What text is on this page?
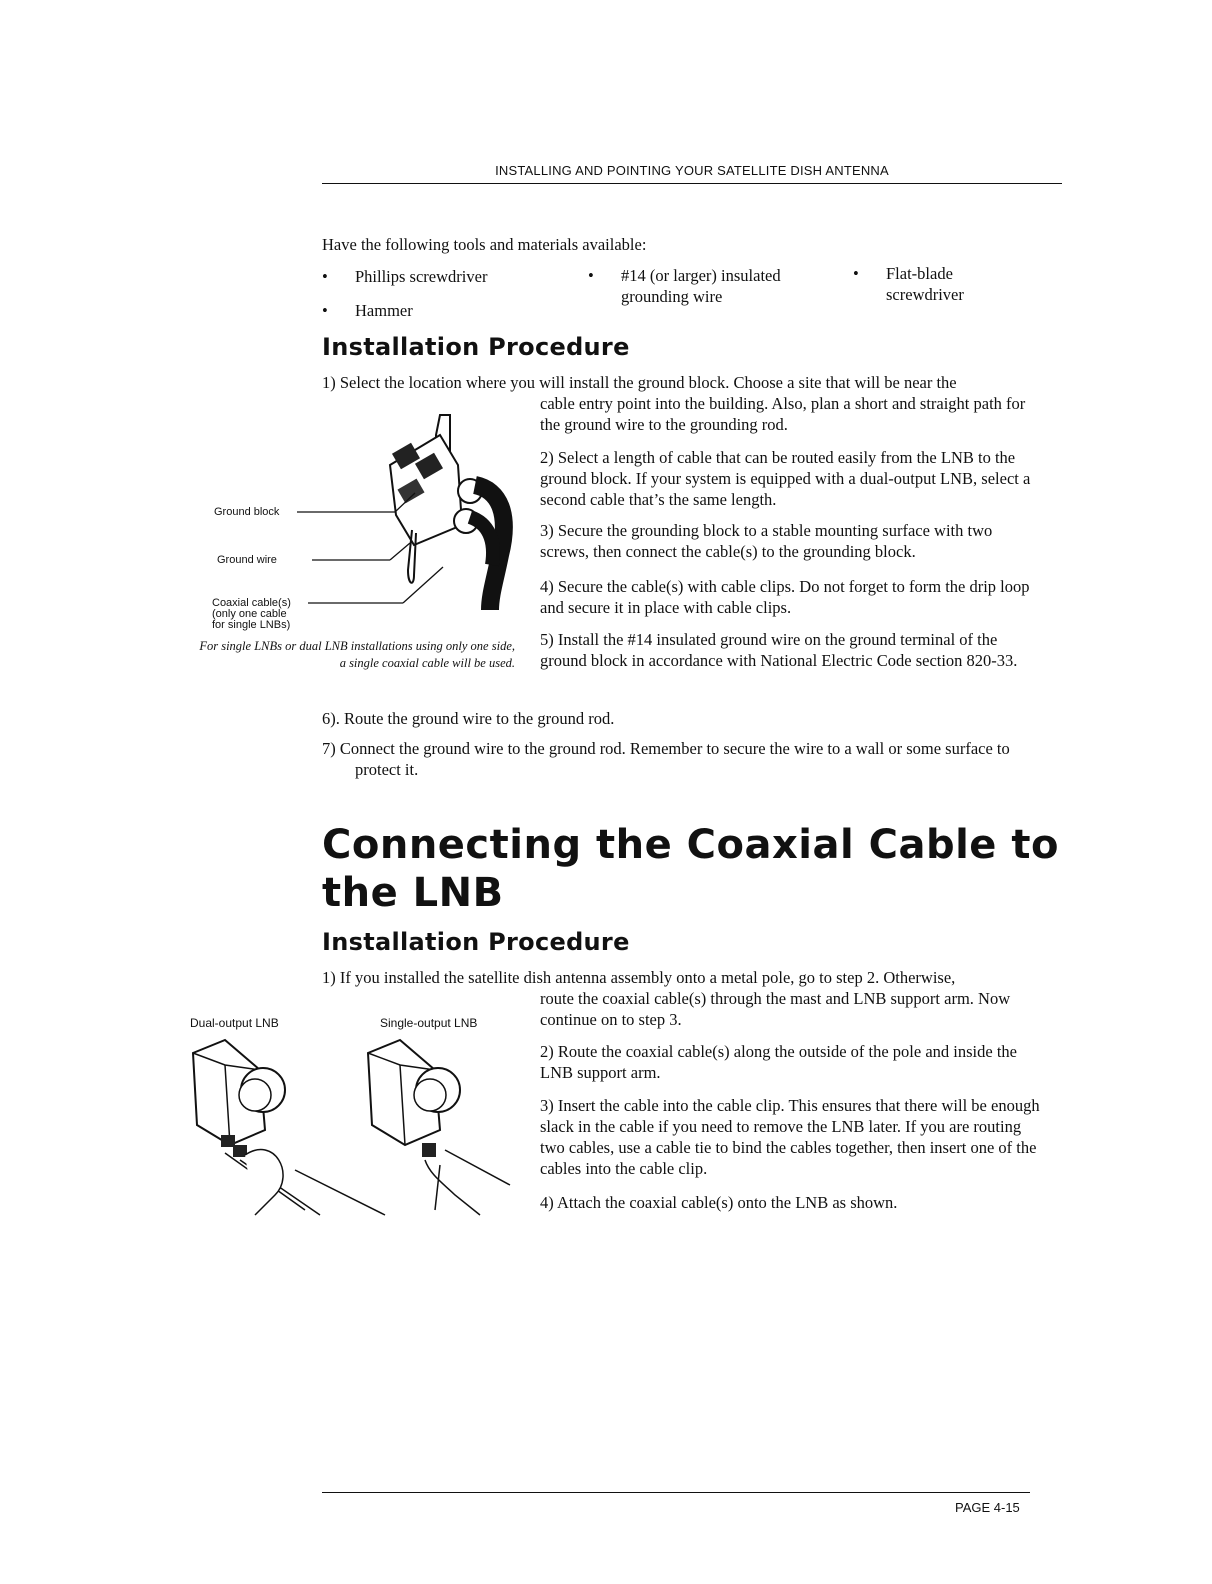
INSTALLING AND POINTING YOUR SATELLITE DISH ANTENNA
Have the following tools and materials available:
• Phillips screwdriver
• Hammer
• #14 (or larger) insulated grounding wire
• Flat-blade screwdriver
Installation Procedure
1) Select the location where you will install the ground block. Choose a site that will be near the
cable entry point into the building. Also, plan a short and straight path for the ground wire to the grounding rod.
2) Select a length of cable that can be routed easily from the LNB to the ground block. If your system is equipped with a dual-output LNB, select a second cable that’s the same length.
3) Secure the grounding block to a stable mounting surface with two screws, then connect the cable(s) to the grounding block.
4) Secure the cable(s) with cable clips. Do not forget to form the drip loop and secure it in place with cable clips.
5) Install the #14 insulated ground wire on the ground terminal of the ground block in accordance with National Electric Code section 820-33.
6). Route the ground wire to the ground rod.
7) Connect the ground wire to the ground rod. Remember to secure the wire to a wall or some surface to protect it.
Ground block
Ground wire
Coaxial cable(s)
(only one cable
for single LNBs)
For single LNBs or dual LNB installations using only one side, a single coaxial cable will be used.
Connecting the Coaxial Cable to the LNB
Installation Procedure
1) If you installed the satellite dish antenna assembly onto a metal pole, go to step 2. Otherwise,
route the coaxial cable(s) through the mast and LNB support arm. Now continue on to step 3.
2) Route the coaxial cable(s) along the outside of the pole and inside the LNB support arm.
3) Insert the cable into the cable clip. This ensures that there will be enough slack in the cable if you need to remove the LNB later. If you are routing two cables, use a cable tie to bind the cables together, then insert one of the cables into the cable clip.
4) Attach the coaxial cable(s) onto the LNB as shown.
Dual-output LNB	Single-output LNB
PAGE 4-15
